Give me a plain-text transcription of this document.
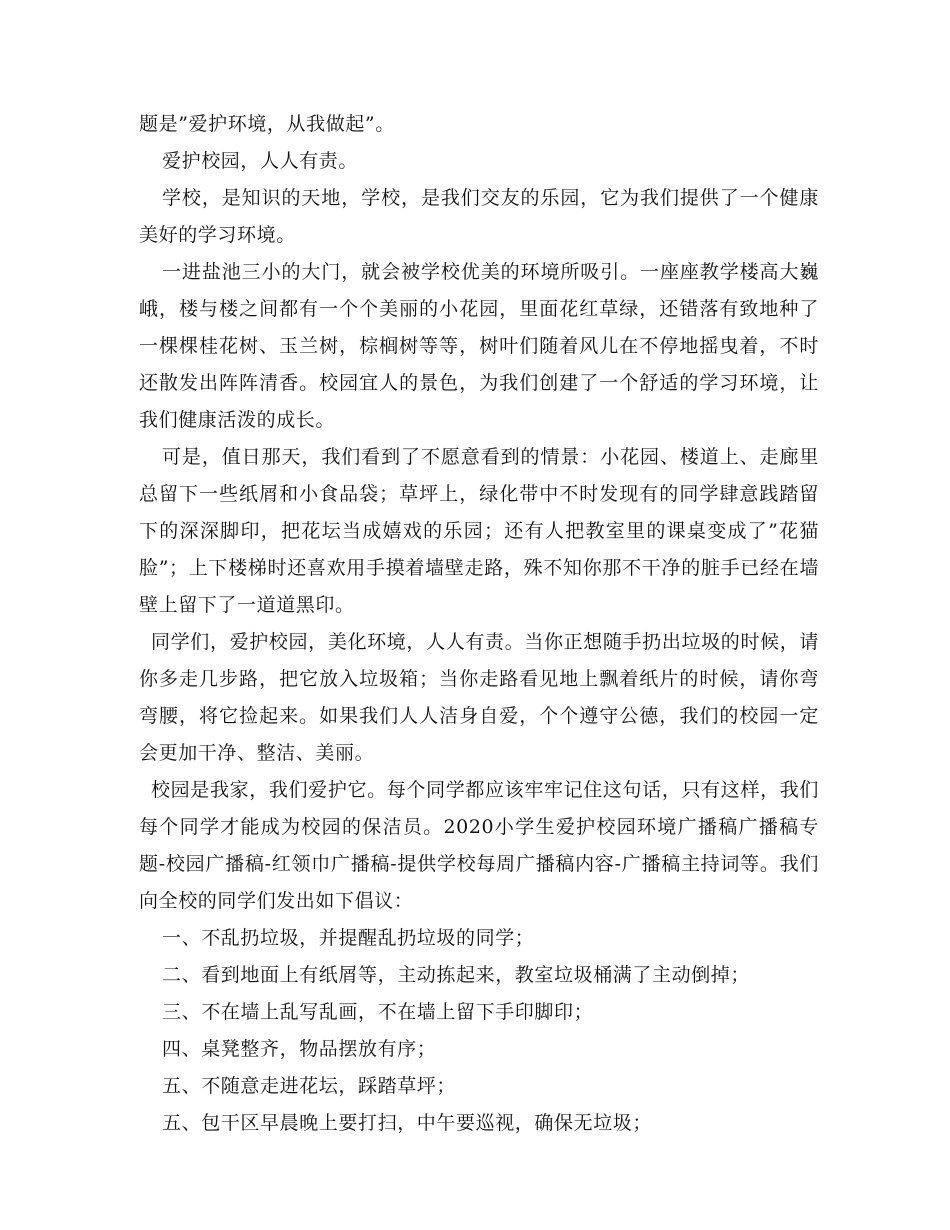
题是”爱护环境，从我做起”。

爱护校园，人人有责。

学校，是知识的天地，学校，是我们交友的乐园，它为我们提供了一个健康美好的学习环境。

一进盐池三小的大门，就会被学校优美的环境所吸引。一座座教学楼高大巍峨，楼与楼之间都有一个个美丽的小花园，里面花红草绿，还错落有致地种了一棵棵桂花树、玉兰树，棕榈树等等，树叶们随着风儿在不停地摇曳着，不时还散发出阵阵清香。校园宜人的景色，为我们创建了一个舒适的学习环境，让我们健康活泼的成长。

可是，值日那天，我们看到了不愿意看到的情景：小花园、楼道上、走廊里总留下一些纸屑和小食品袋；草坪上，绿化带中不时发现有的同学肆意践踏留下的深深脚印，把花坛当成嬉戏的乐园；还有人把教室里的课桌变成了”花猫脸”；上下楼梯时还喜欢用手摸着墙壁走路，殊不知你那不干净的脏手已经在墙壁上留下了一道道黑印。

同学们，爱护校园，美化环境，人人有责。当你正想随手扔出垃圾的时候，请你多走几步路，把它放入垃圾箱；当你走路看见地上飘着纸片的时候，请你弯弯腰，将它捡起来。如果我们人人洁身自爱，个个遵守公德，我们的校园一定会更加干净、整洁、美丽。

校园是我家，我们爱护它。每个同学都应该牢牢记住这句话，只有这样，我们每个同学才能成为校园的保洁员。2020小学生爱护校园环境广播稿广播稿专题-校园广播稿-红领巾广播稿-提供学校每周广播稿内容-广播稿主持词等。我们向全校的同学们发出如下倡议：

一、不乱扔垃圾，并提醒乱扔垃圾的同学；

二、看到地面上有纸屑等，主动拣起来，教室垃圾桶满了主动倒掉；

三、不在墙上乱写乱画，不在墙上留下手印脚印；

四、桌凳整齐，物品摆放有序；

五、不随意走进花坛，踩踏草坪；

五、包干区早晨晚上要打扫，中午要巡视，确保无垃圾；
